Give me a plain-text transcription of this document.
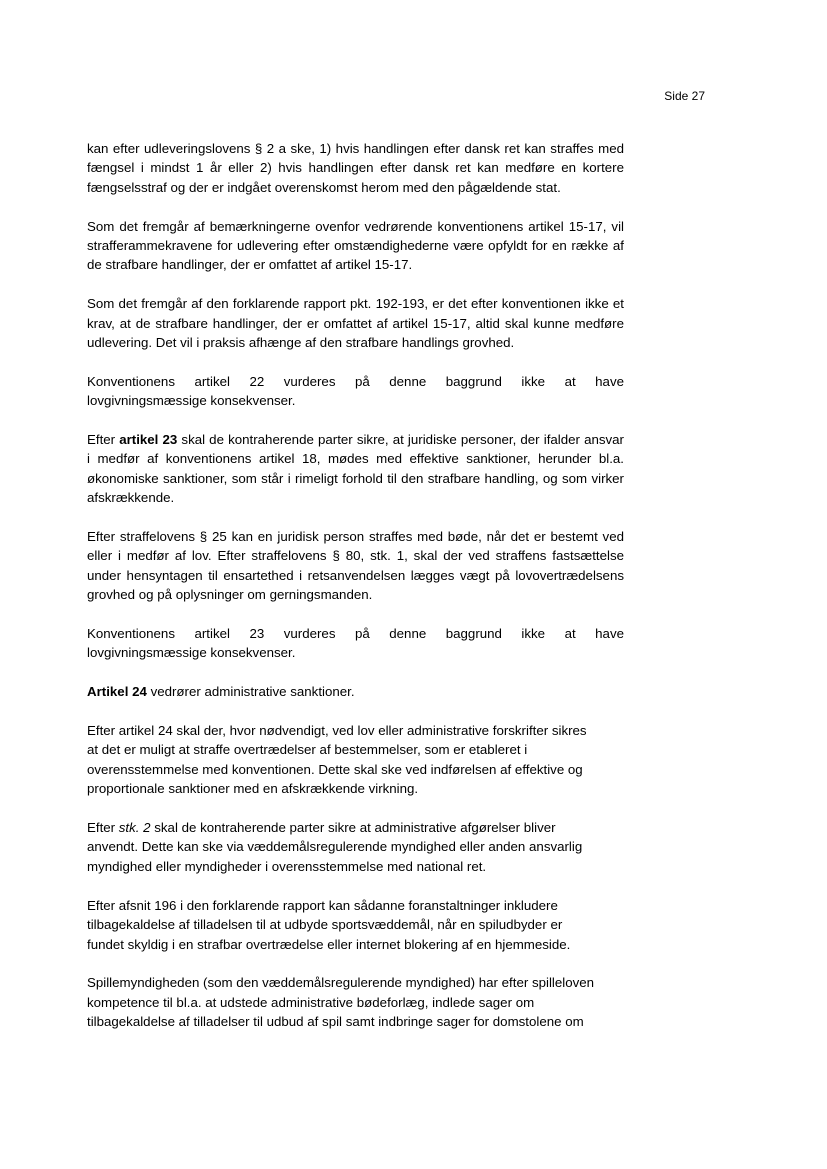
Side 27

kan efter udleveringslovens § 2 a ske, 1) hvis handlingen efter dansk ret kan straffes med fængsel i mindst 1 år eller 2) hvis handlingen efter dansk ret kan medføre en kortere fængselsstraf og der er indgået overenskomst herom med den pågældende stat.

Som det fremgår af bemærkningerne ovenfor vedrørende konventionens artikel 15-17, vil strafferammekravene for udlevering efter omstændighederne være opfyldt for en række af de strafbare handlinger, der er omfattet af artikel 15-17.

Som det fremgår af den forklarende rapport pkt. 192-193, er det efter konventionen ikke et krav, at de strafbare handlinger, der er omfattet af artikel 15-17, altid skal kunne medføre udlevering. Det vil i praksis afhænge af den strafbare handlings grovhed.

Konventionens artikel 22 vurderes på denne baggrund ikke at have
lovgivningsmæssige konsekvenser.

Efter artikel 23 skal de kontraherende parter sikre, at juridiske personer, der ifalder ansvar i medfør af konventionens artikel 18, mødes med effektive sanktioner, herunder bl.a. økonomiske sanktioner, som står i rimeligt forhold til den strafbare handling, og som virker afskrækkende.

Efter straffelovens § 25 kan en juridisk person straffes med bøde, når det er bestemt ved eller i medfør af lov. Efter straffelovens § 80, stk. 1, skal der ved straffens fastsættelse under hensyntagen til ensartethed i retsanvendelsen lægges vægt på lovovertrædelsens grovhed og på oplysninger om gerningsmanden.

Konventionens artikel 23 vurderes på denne baggrund ikke at have
lovgivningsmæssige konsekvenser.

Artikel 24 vedrører administrative sanktioner.

Efter artikel 24 skal der, hvor nødvendigt, ved lov eller administrative forskrifter sikres
at det er muligt at straffe overtrædelser af bestemmelser, som er etableret i
overensstemmelse med konventionen. Dette skal ske ved indførelsen af effektive og
proportionale sanktioner med en afskrækkende virkning.

Efter stk. 2 skal de kontraherende parter sikre at administrative afgørelser bliver
anvendt. Dette kan ske via væddemålsregulerende myndighed eller anden ansvarlig
myndighed eller myndigheder i overensstemmelse med national ret.

Efter afsnit 196 i den forklarende rapport kan sådanne foranstaltninger inkludere
tilbagekaldelse af tilladelsen til at udbyde sportsvæddemål, når en spiludbyder er
fundet skyldig i en strafbar overtrædelse eller internet blokering af en hjemmeside.

Spillemyndigheden (som den væddemålsregulerende myndighed) har efter spilleloven
kompetence til bl.a. at udstede administrative bødeforlæg, indlede sager om
tilbagekaldelse af tilladelser til udbud af spil samt indbringe sager for domstolene om
